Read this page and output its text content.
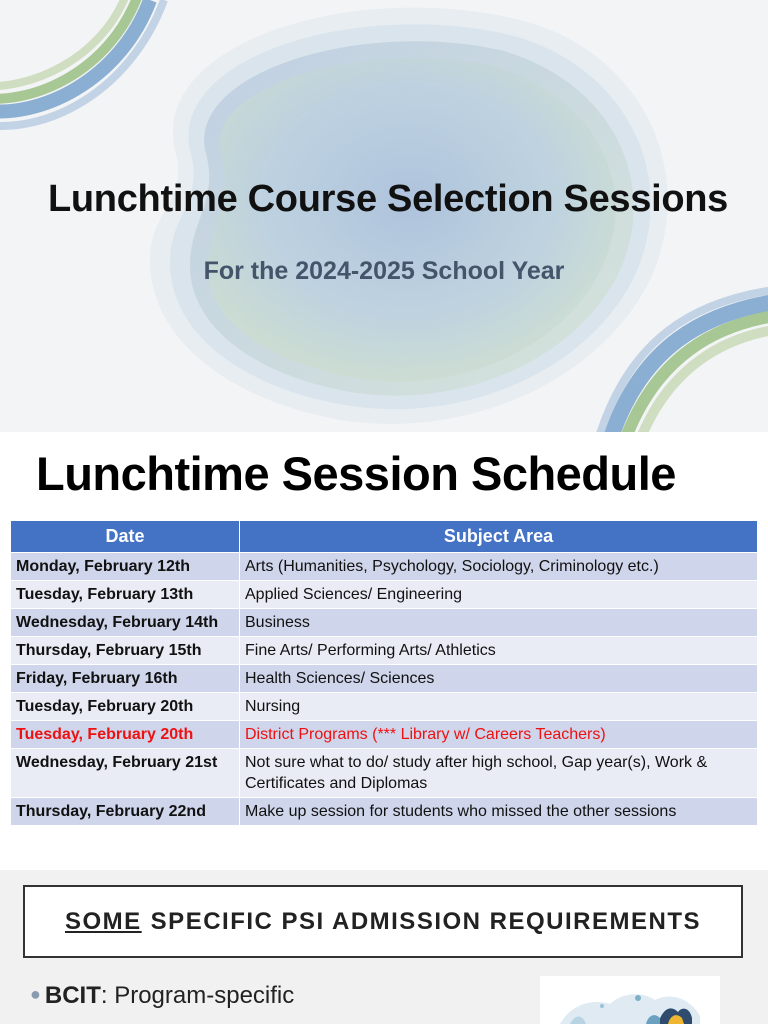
Lunchtime Course Selection Sessions
For the 2024-2025 School Year
Lunchtime Session Schedule
Date	Subject Area
Monday, February 12th	Arts (Humanities, Psychology, Sociology, Criminology etc.)
Tuesday, February 13th	Applied Sciences/ Engineering
Wednesday, February 14th	Business
Thursday, February 15th	Fine Arts/ Performing Arts/ Athletics
Friday, February 16th	Health Sciences/ Sciences
Tuesday, February 20th	Nursing
Tuesday, February 20th	District Programs (*** Library w/ Careers Teachers)
Wednesday, February 21st	Not sure what to do/ study after high school, Gap year(s), Work & Certificates and Diplomas
Thursday, February 22nd	Make up session for students who missed the other sessions
SOME SPECIFIC PSI ADMISSION REQUIREMENTS
● BCIT: Program-specific
